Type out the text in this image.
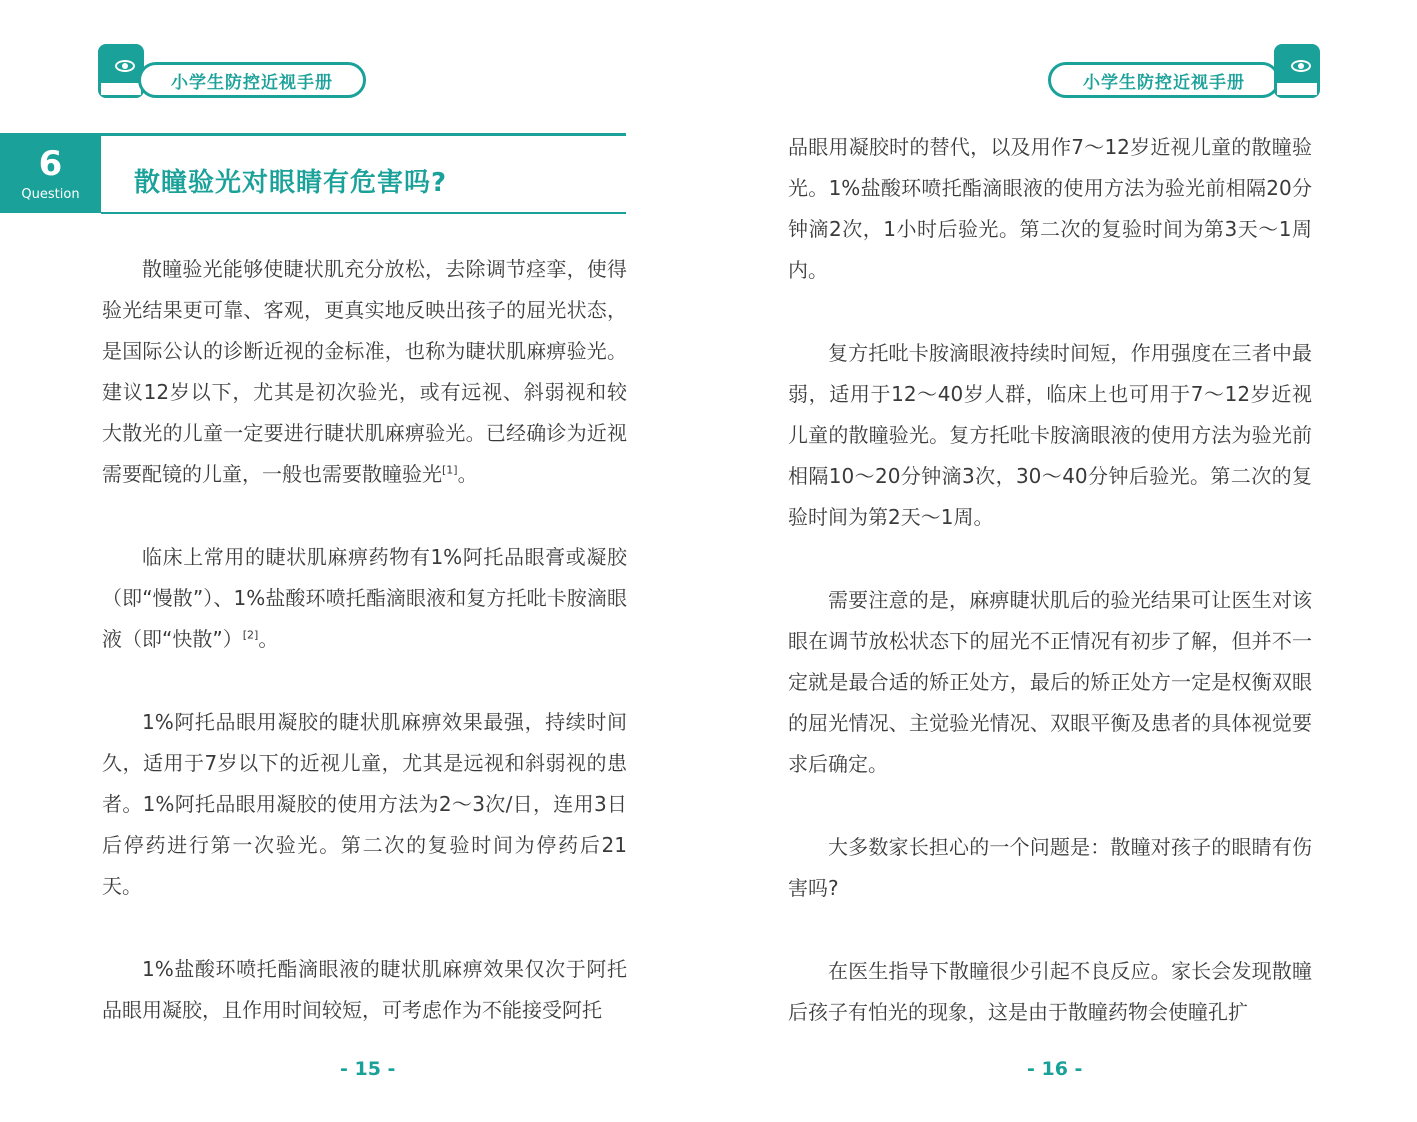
小学生防控近视手册
6
Question	散瞳验光对眼睛有危害吗?

散瞳验光能够使睫状肌充分放松，去除调节痉挛，使得验光结果更可靠、客观，更真实地反映出孩子的屈光状态，是国际公认的诊断近视的金标准，也称为睫状肌麻痹验光。建议12岁以下，尤其是初次验光，或有远视、斜弱视和较大散光的儿童一定要进行睫状肌麻痹验光。已经确诊为近视需要配镜的儿童，一般也需要散瞳验光[1]。

临床上常用的睫状肌麻痹药物有1%阿托品眼膏或凝胶（即“慢散”）、1%盐酸环喷托酯滴眼液和复方托吡卡胺滴眼液（即“快散”）[2]。

1%阿托品眼用凝胶的睫状肌麻痹效果最强，持续时间久，适用于7岁以下的近视儿童，尤其是远视和斜弱视的患者。1%阿托品眼用凝胶的使用方法为2～3次/日，连用3日后停药进行第一次验光。第二次的复验时间为停药后21天。

1%盐酸环喷托酯滴眼液的睫状肌麻痹效果仅次于阿托品眼用凝胶，且作用时间较短，可考虑作为不能接受阿托

- 15 -
小学生防控近视手册

品眼用凝胶时的替代，以及用作7～12岁近视儿童的散瞳验光。1%盐酸环喷托酯滴眼液的使用方法为验光前相隔20分钟滴2次，1小时后验光。第二次的复验时间为第3天～1周内。

复方托吡卡胺滴眼液持续时间短，作用强度在三者中最弱，适用于12～40岁人群，临床上也可用于7～12岁近视儿童的散瞳验光。复方托吡卡胺滴眼液的使用方法为验光前相隔10～20分钟滴3次，30～40分钟后验光。第二次的复验时间为第2天～1周。

需要注意的是，麻痹睫状肌后的验光结果可让医生对该眼在调节放松状态下的屈光不正情况有初步了解，但并不一定就是最合适的矫正处方，最后的矫正处方一定是权衡双眼的屈光情况、主觉验光情况、双眼平衡及患者的具体视觉要求后确定。

大多数家长担心的一个问题是：散瞳对孩子的眼睛有伤害吗?

在医生指导下散瞳很少引起不良反应。家长会发现散瞳后孩子有怕光的现象，这是由于散瞳药物会使瞳孔扩

- 16 -
